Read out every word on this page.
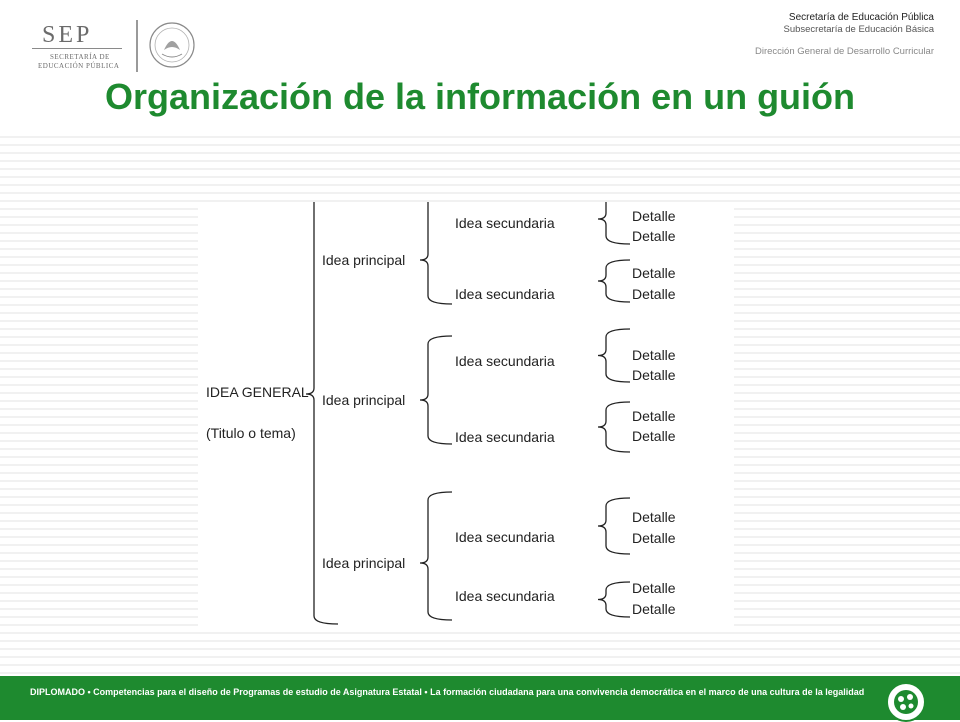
SEP
SECRETARÍA DE
EDUCACIÓN PÚBLICA
Secretaría de Educación Pública
Subsecretaría de Educación Básica
Dirección General de Desarrollo Curricular
Organización de la información en un guión
IDEA GENERAL
(Titulo o tema)
Idea principal
Idea secundaria	Detalle
Detalle
Idea secundaria
Detalle
Detalle
Idea principal
Idea secundaria	Detalle
Detalle
Idea secundaria
Detalle
Detalle
Idea principal
Idea secundaria
Detalle
Detalle
Idea secundaria	Detalle
Detalle
DIPLOMADO • Competencias para el diseño de Programas de estudio de Asignatura Estatal • La formación ciudadana para una convivencia democrática en el marco de una cultura de la legalidad
